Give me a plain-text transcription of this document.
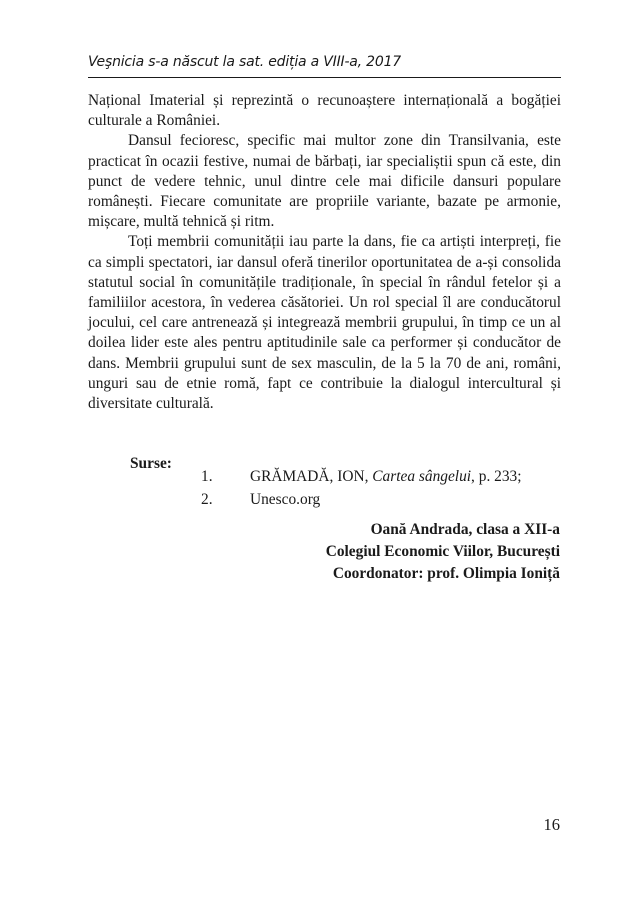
Veşnicia s-a născut la sat. ediția a VIII-a, 2017

Național Imaterial și reprezintă o recunoaștere internațională a bogăției culturale a României.

Dansul fecioresc, specific mai multor zone din Transilvania, este practicat în ocazii festive, numai de bărbați, iar specialiștii spun că este, din punct de vedere tehnic, unul dintre cele mai dificile dansuri populare românești. Fiecare comunitate are propriile variante, bazate pe armonie, mișcare, multă tehnică și ritm.

Toți membrii comunității iau parte la dans, fie ca artiști interpreți, fie ca simpli spectatori, iar dansul oferă tinerilor oportunitatea de a-și consolida statutul social în comunitățile tradiționale, în special în rândul fetelor și a familiilor acestora, în vederea căsătoriei. Un rol special îl are conducătorul jocului, cel care antrenează și integrează membrii grupului, în timp ce un al doilea lider este ales pentru aptitudinile sale ca performer și conducător de dans. Membrii grupului sunt de sex masculin, de la 5 la 70 de ani, români, unguri sau de etnie romă, fapt ce contribuie la dialogul intercultural și diversitate culturală.

Surse:
1.	GRĂMADĂ, ION, Cartea sângelui, p. 233;
2.	Unesco.org
Oană Andrada, clasa a XII-a
Colegiul Economic Viilor, București
Coordonator: prof. Olimpia Ioniță
16
